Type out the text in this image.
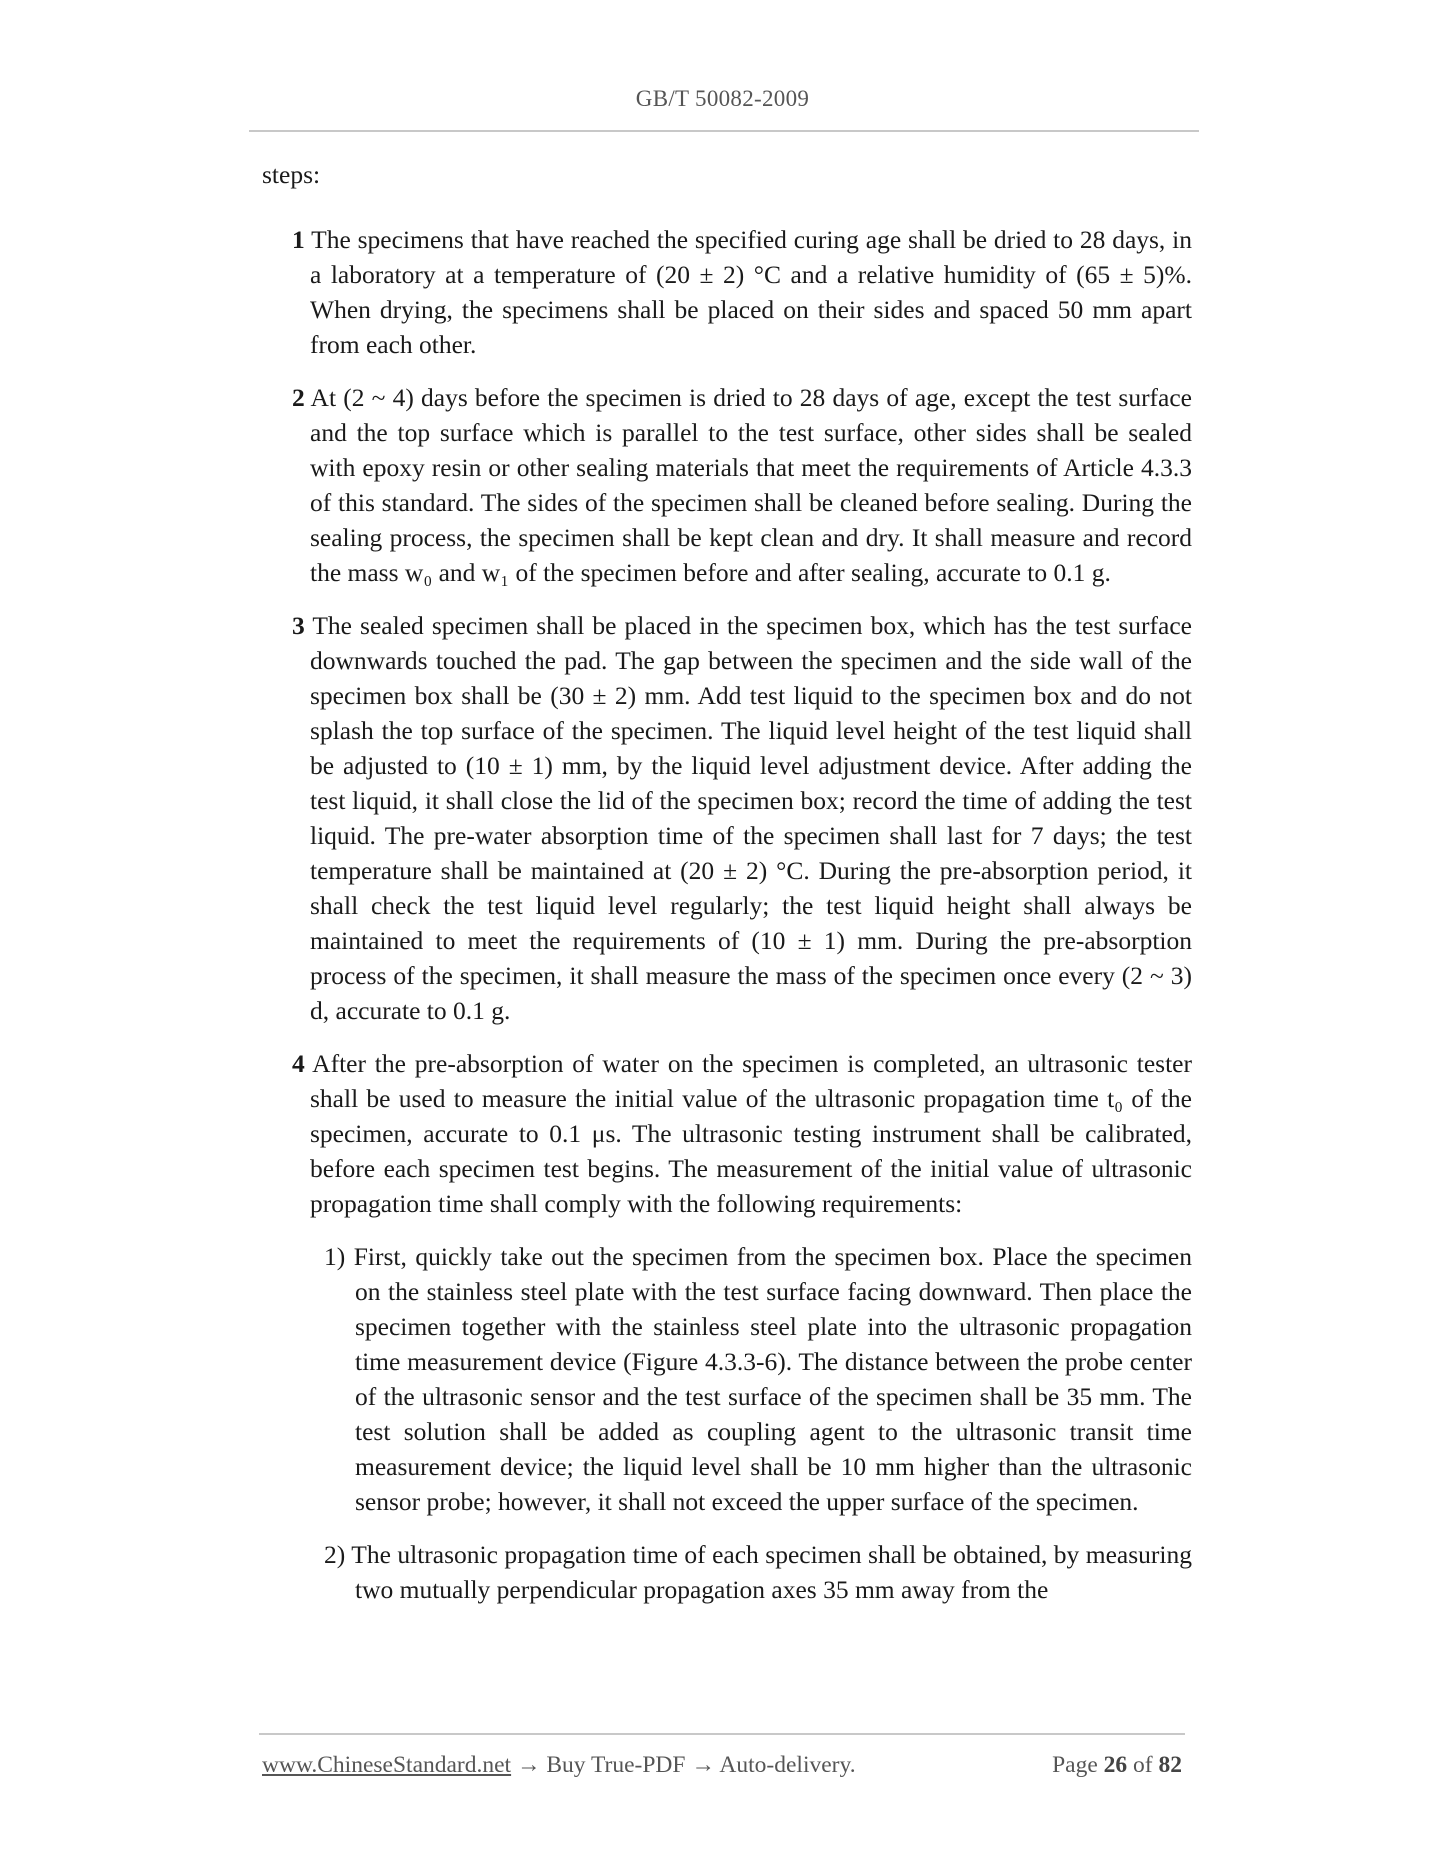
GB/T 50082-2009
steps:

1 The specimens that have reached the specified curing age shall be dried to 28 days, in a laboratory at a temperature of (20 ± 2) °C and a relative humidity of (65 ± 5)%. When drying, the specimens shall be placed on their sides and spaced 50 mm apart from each other.

2 At (2 ~ 4) days before the specimen is dried to 28 days of age, except the test surface and the top surface which is parallel to the test surface, other sides shall be sealed with epoxy resin or other sealing materials that meet the requirements of Article 4.3.3 of this standard. The sides of the specimen shall be cleaned before sealing. During the sealing process, the specimen shall be kept clean and dry. It shall measure and record the mass w₀ and w₁ of the specimen before and after sealing, accurate to 0.1 g.

3 The sealed specimen shall be placed in the specimen box, which has the test surface downwards touched the pad. The gap between the specimen and the side wall of the specimen box shall be (30 ± 2) mm. Add test liquid to the specimen box and do not splash the top surface of the specimen. The liquid level height of the test liquid shall be adjusted to (10 ± 1) mm, by the liquid level adjustment device. After adding the test liquid, it shall close the lid of the specimen box; record the time of adding the test liquid. The pre-water absorption time of the specimen shall last for 7 days; the test temperature shall be maintained at (20 ± 2) °C. During the pre-absorption period, it shall check the test liquid level regularly; the test liquid height shall always be maintained to meet the requirements of (10 ± 1) mm. During the pre-absorption process of the specimen, it shall measure the mass of the specimen once every (2 ~ 3) d, accurate to 0.1 g.

4 After the pre-absorption of water on the specimen is completed, an ultrasonic tester shall be used to measure the initial value of the ultrasonic propagation time t₀ of the specimen, accurate to 0.1 μs. The ultrasonic testing instrument shall be calibrated, before each specimen test begins. The measurement of the initial value of ultrasonic propagation time shall comply with the following requirements:

1) First, quickly take out the specimen from the specimen box. Place the specimen on the stainless steel plate with the test surface facing downward. Then place the specimen together with the stainless steel plate into the ultrasonic propagation time measurement device (Figure 4.3.3-6). The distance between the probe center of the ultrasonic sensor and the test surface of the specimen shall be 35 mm. The test solution shall be added as coupling agent to the ultrasonic transit time measurement device; the liquid level shall be 10 mm higher than the ultrasonic sensor probe; however, it shall not exceed the upper surface of the specimen.

2) The ultrasonic propagation time of each specimen shall be obtained, by measuring two mutually perpendicular propagation axes 35 mm away from the

www.ChineseStandard.net → Buy True-PDF → Auto-delivery.	Page 26 of 82
